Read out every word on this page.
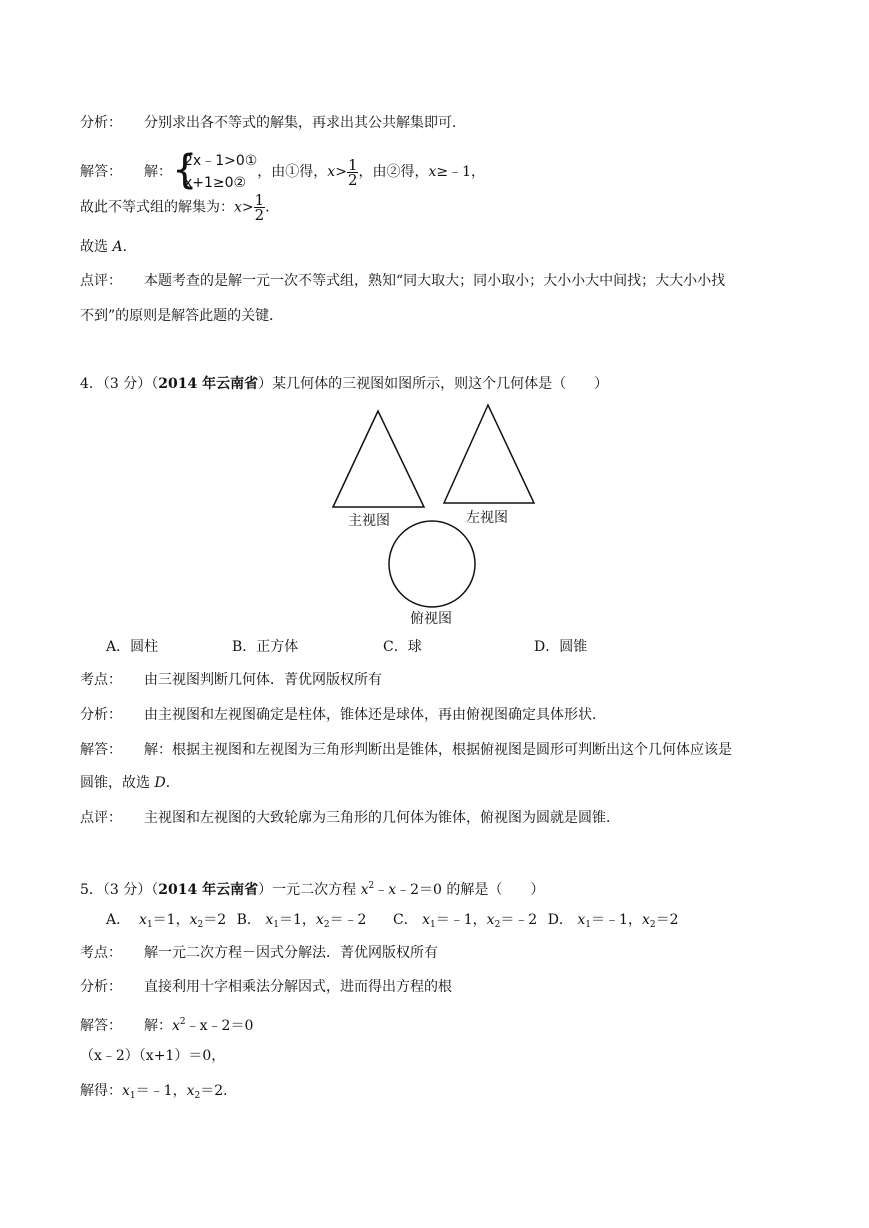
分析： 分别求出各不等式的解集，再求出其公共解集即可．
解答： 解： {
2x﹣1>0①
x+1≥0②
，由①得，$x> \frac{1}{2}$ ，由②得，x≥﹣1，
故此不等式组的解集为：$x> \frac{1}{2}$ ．
故选 A．
点评： 本题考查的是解一元一次不等式组，熟知“同大取大；同小取小；大小小大中间找；大大小小找
不到”的原则是解答此题的关键．
4．（3 分）（2014 年云南省）某几何体的三视图如图所示，则这个几何体是（　　）
主视图	左视图
俯视图
A．圆柱	B．正方体	C．球	D．圆锥
考点： 由三视图判断几何体．菁优网版权所有
分析： 由主视图和左视图确定是柱体，锥体还是球体，再由俯视图确定具体形状．
解答： 解：根据主视图和左视图为三角形判断出是锥体，根据俯视图是圆形可判断出这个几何体应该是
圆锥，故选 D．
点评： 主视图和左视图的大致轮廓为三角形的几何体为锥体，俯视图为圆就是圆锥．
5．（3 分）（2014 年云南省）一元二次方程 $x^2﹣x﹣2=0$ 的解是（　　）
A． $x_1=1$，$x_2=2$ B． $x_1=1$，$x_2=﹣2$ C． $x_1=﹣1$，$x_2=﹣2$ D． $x_1=﹣1$，$x_2=2$
考点： 解一元二次方程－因式分解法．菁优网版权所有
分析： 直接利用十字相乘法分解因式，进而得出方程的根
解答： 解：$x^2﹣x﹣2=0$
（x﹣2）（x+1）＝0，
解得：$x_1=﹣1$，$x_2=2$．
